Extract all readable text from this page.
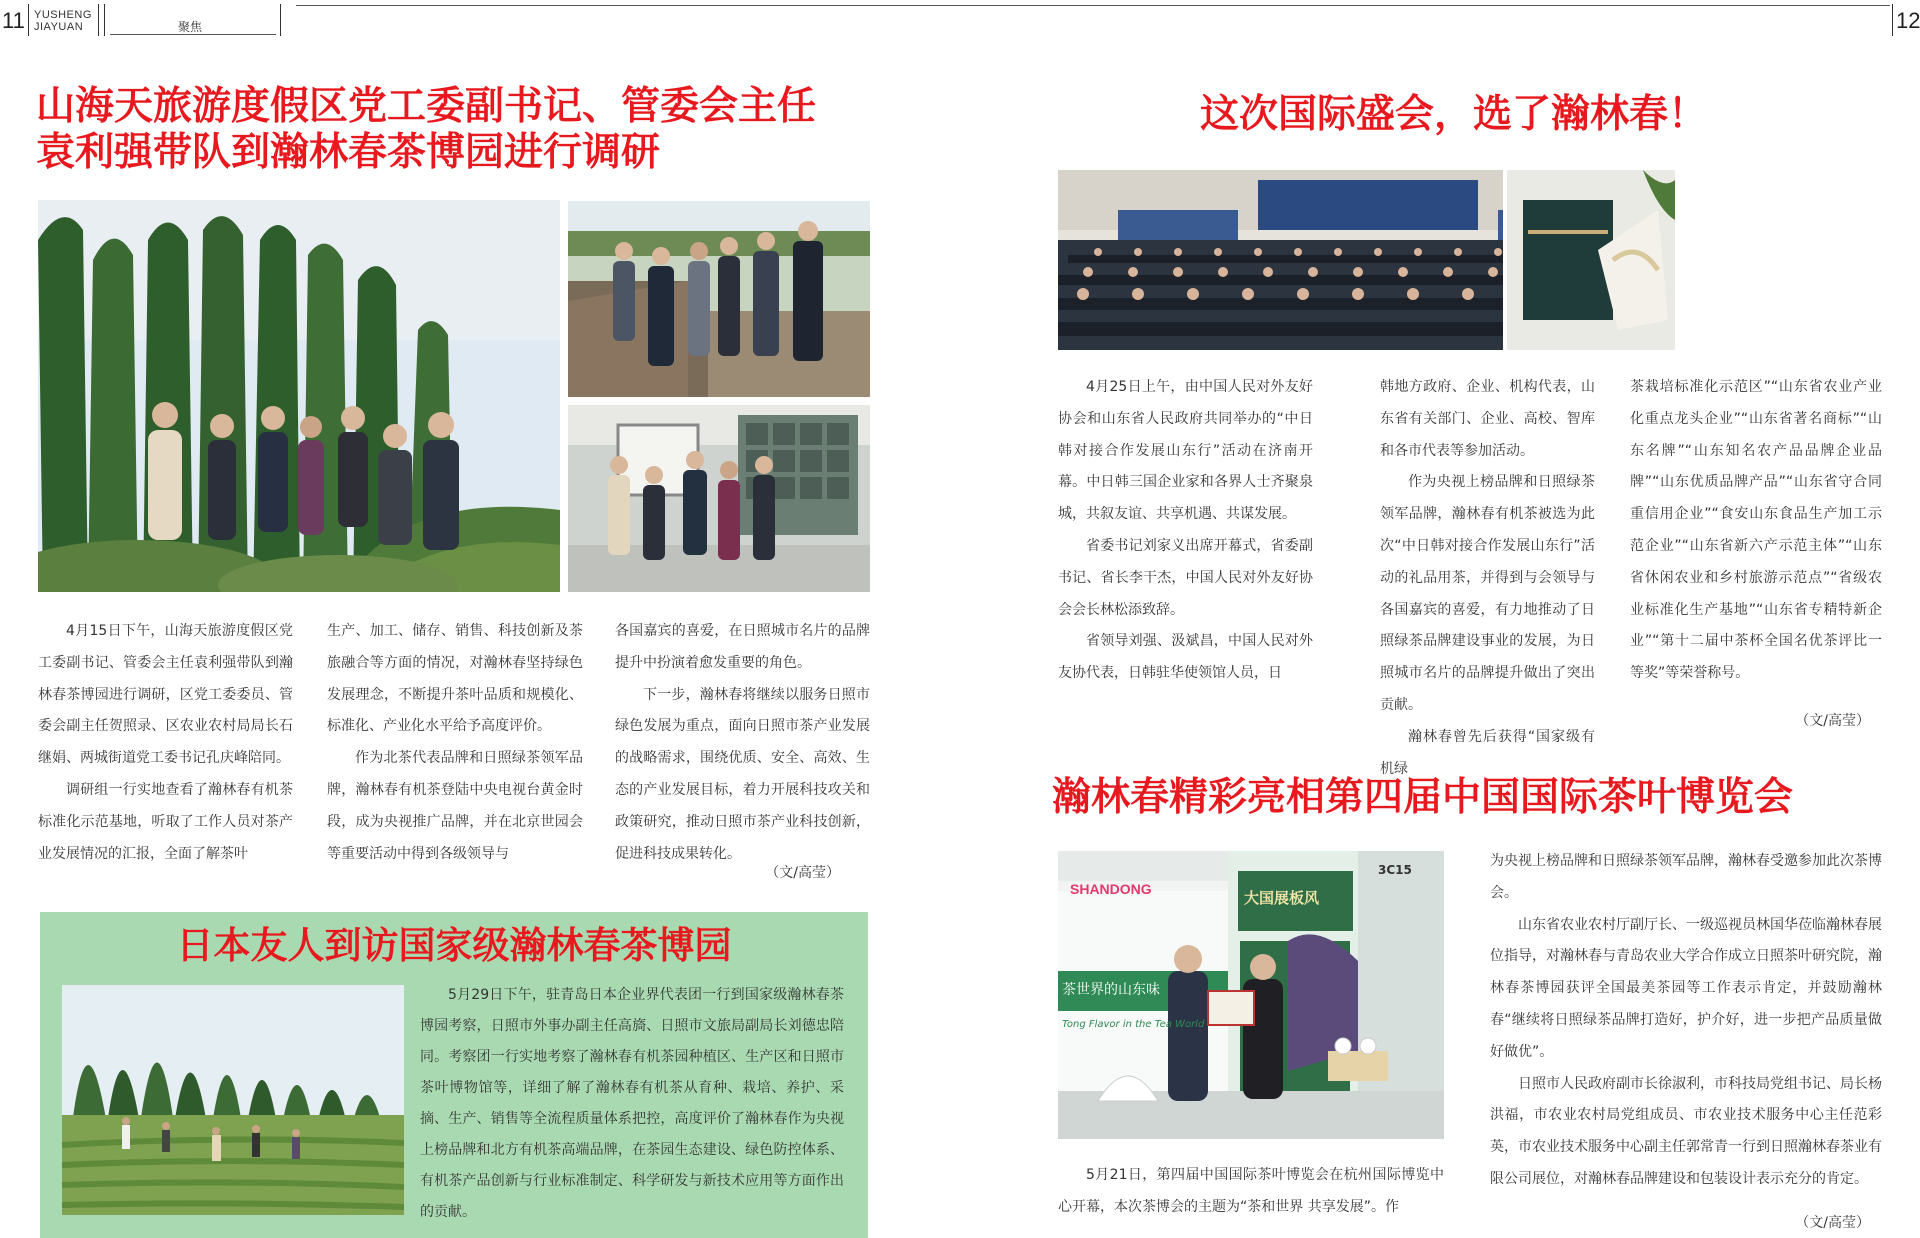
11 YUSHENG
JIAYUAN	聚焦	12
山海天旅游度假区党工委副书记、管委会主任
袁利强带队到瀚林春茶博园进行调研

4月15日下午，山海天旅游度假区党工委副书记、管委会主任袁利强带队到瀚林春茶博园进行调研，区党工委委员、管委会副主任贺照录、区农业农村局局长石继娟、两城街道党工委书记孔庆峰陪同。

调研组一行实地查看了瀚林春有机茶标准化示范基地，听取了工作人员对茶产业发展情况的汇报，全面了解茶叶

生产、加工、储存、销售、科技创新及茶旅融合等方面的情况，对瀚林春坚持绿色发展理念，不断提升茶叶品质和规模化、标准化、产业化水平给予高度评价。

作为北茶代表品牌和日照绿茶领军品牌，瀚林春有机茶登陆中央电视台黄金时段，成为央视推广品牌，并在北京世园会等重要活动中得到各级领导与

各国嘉宾的喜爱，在日照城市名片的品牌提升中扮演着愈发重要的角色。

下一步，瀚林春将继续以服务日照市绿色发展为重点，面向日照市茶产业发展的战略需求，围绕优质、安全、高效、生态的产业发展目标，着力开展科技攻关和政策研究，推动日照市茶产业科技创新，促进科技成果转化。

（文/高莹）
日本友人到访国家级瀚林春茶博园

5月29日下午，驻青岛日本企业界代表团一行到国家级瀚林春茶博园考察，日照市外事办副主任高旖、日照市文旅局副局长刘德忠陪同。考察团一行实地考察了瀚林春有机茶园种植区、生产区和日照市茶叶博物馆等，详细了解了瀚林春有机茶从育种、栽培、养护、采摘、生产、销售等全流程质量体系把控，高度评价了瀚林春作为央视上榜品牌和北方有机茶高端品牌，在茶园生态建设、绿色防控体系、有机茶产品创新与行业标准制定、科学研发与新技术应用等方面作出的贡献。

这次国际盛会，选了瀚林春！

4月25日上午，由中国人民对外友好协会和山东省人民政府共同举办的“中日韩对接合作发展山东行”活动在济南开幕。中日韩三国企业家和各界人士齐聚泉城，共叙友谊、共享机遇、共谋发展。

省委书记刘家义出席开幕式，省委副书记、省长李干杰，中国人民对外友好协会会长林松添致辞。

省领导刘强、汲斌昌，中国人民对外友协代表，日韩驻华使领馆人员，日

韩地方政府、企业、机构代表，山东省有关部门、企业、高校、智库和各市代表等参加活动。

作为央视上榜品牌和日照绿茶领军品牌，瀚林春有机茶被选为此次“中日韩对接合作发展山东行”活动的礼品用茶，并得到与会领导与各国嘉宾的喜爱，有力地推动了日照绿茶品牌建设事业的发展，为日照城市名片的品牌提升做出了突出贡献。

瀚林春曾先后获得“国家级有机绿

茶栽培标准化示范区”“山东省农业产业化重点龙头企业”“山东省著名商标”“山东名牌”“山东知名农产品品牌企业品牌”“山东优质品牌产品”“山东省守合同重信用企业”“食安山东食品生产加工示范企业”“山东省新六产示范主体”“山东省休闲农业和乡村旅游示范点”“省级农业标准化生产基地”“山东省专精特新企业”“第十二届中茶杯全国名优茶评比一等奖”等荣誉称号。

（文/高莹）
瀚林春精彩亮相第四届中国国际茶叶博览会
SHANDONG
3C15
大国展板风
茶世界的山东味
Tong Flavor in the Tea World

5月21日，第四届中国国际茶叶博览会在杭州国际博览中心开幕，本次茶博会的主题为“茶和世界 共享发展”。作

为央视上榜品牌和日照绿茶领军品牌，瀚林春受邀参加此次茶博会。

山东省农业农村厅副厅长、一级巡视员林国华莅临瀚林春展位指导，对瀚林春与青岛农业大学合作成立日照茶叶研究院，瀚林春茶博园获评全国最美茶园等工作表示肯定，并鼓励瀚林春“继续将日照绿茶品牌打造好，护介好，进一步把产品质量做好做优”。

日照市人民政府副市长徐淑利，市科技局党组书记、局长杨洪福，市农业农村局党组成员、市农业技术服务中心主任范彩英，市农业技术服务中心副主任郭常青一行到日照瀚林春茶业有限公司展位，对瀚林春品牌建设和包装设计表示充分的肯定。

（文/高莹）
